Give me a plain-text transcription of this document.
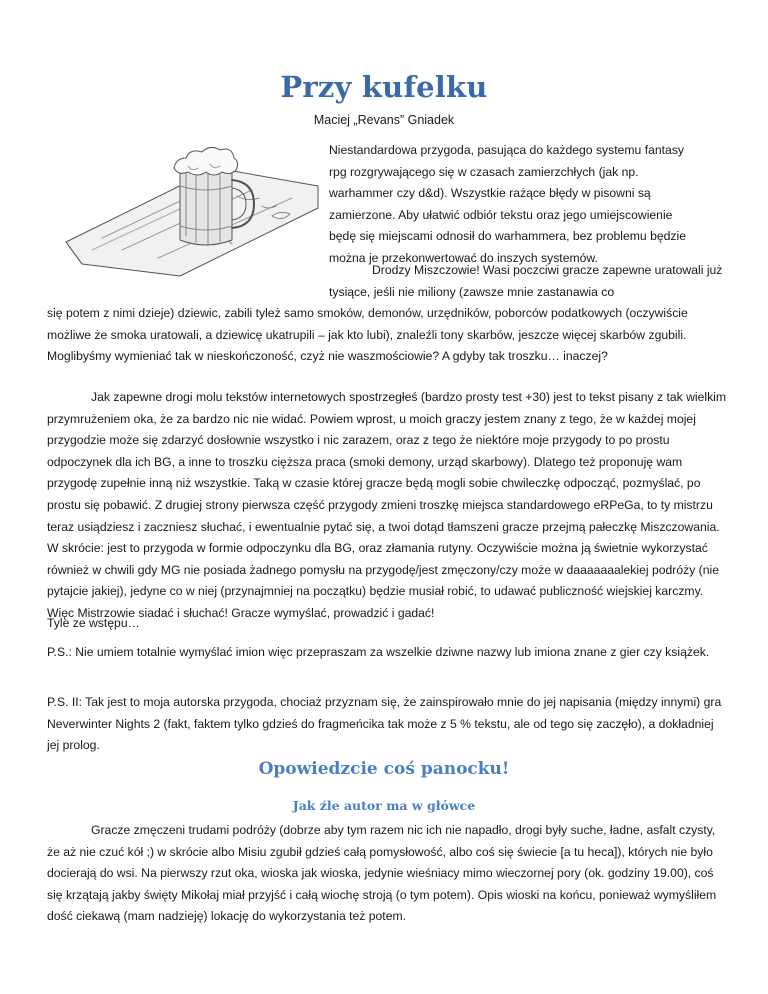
Przy kufelku
Maciej „Revans” Gniadek

Niestandardowa przygoda, pasująca do każdego systemu fantasy rpg rozgrywającego się w czasach zamierzchłych (jak np. warhammer czy d&d). Wszystkie rażące błędy w pisowni są zamierzone. Aby ułatwić odbiór tekstu oraz jego umiejscowienie będę się miejscami odnosił do warhammera, bez problemu będzie można je przekonwertować do inszych systemów.

Drodzy Miszczowie! Wasi poczciwi gracze zapewne uratowali już tysiące, jeśli nie miliony (zawsze mnie zastanawia co

się potem z nimi dzieje) dziewic, zabili tyleż samo smoków, demonów, urzędników, poborców podatkowych (oczywiście możliwe że smoka uratowali, a dziewicę ukatrupili – jak kto lubi), znaleźli tony skarbów, jeszcze więcej skarbów zgubili. Moglibyśmy wymieniać tak w nieskończoność, czyż nie waszmościowie? A gdyby tak troszku… inaczej?

Jak zapewne drogi molu tekstów internetowych spostrzegłeś (bardzo prosty test +30) jest to tekst pisany z tak wielkim przymrużeniem oka, że za bardzo nic nie widać. Powiem wprost, u moich graczy jestem znany z tego, że w każdej mojej przygodzie może się zdarzyć dosłownie wszystko i nic zarazem, oraz z tego że niektóre moje przygody to po prostu odpoczynek dla ich BG, a inne to troszku cięższa praca (smoki demony, urząd skarbowy). Dlatego też proponuję wam przygodę zupełnie inną niż wszystkie. Taką w czasie której gracze będą mogli sobie chwileczkę odpocząć, pozmyślać, po prostu się pobawić. Z drugiej strony pierwsza część przygody zmieni troszkę miejsca standardowego eRPeGa, to ty mistrzu teraz usiądziesz i zaczniesz słuchać, i ewentualnie pytać się, a twoi dotąd tłamszeni gracze przejmą pałeczkę Miszczowania. W skrócie: jest to przygoda w formie odpoczynku dla BG, oraz złamania rutyny. Oczywiście można ją świetnie wykorzystać również w chwili gdy MG nie posiada żadnego pomysłu na przygodę/jest zmęczony/czy może w daaaaaaalekiej podróży (nie pytajcie jakiej), jedyne co w niej (przynajmniej na początku) będzie musiał robić, to udawać publiczność wiejskiej karczmy. Więc Mistrzowie siadać i słuchać! Gracze wymyślać, prowadzić i gadać!

Tyle ze wstępu…

P.S.: Nie umiem totalnie wymyślać imion więc przepraszam za wszelkie dziwne nazwy lub imiona znane z gier czy książek.

P.S. II: Tak jest to moja autorska przygoda, chociaż przyznam się, że zainspirowało mnie do jej napisania (między innymi) gra Neverwinter Nights 2 (fakt, faktem tylko gdzieś do fragmeńcika tak może z 5 % tekstu, ale od tego się zaczęło), a dokładniej jej prolog.

Opowiedzcie coś panocku!
Jak źle autor ma w główce

Gracze zmęczeni trudami podróży (dobrze aby tym razem nic ich nie napadło, drogi były suche, ładne, asfalt czysty, że aż nie czuć kół ;) w skrócie albo Misiu zgubił gdzieś całą pomysłowość, albo coś się świecie [a tu heca]), których nie było docierają do wsi. Na pierwszy rzut oka, wioska jak wioska, jedynie wieśniacy mimo wieczornej pory (ok. godziny 19.00), coś się krzątają jakby święty Mikołaj miał przyjść i całą wiochę stroją (o tym potem). Opis wioski na końcu, ponieważ wymyśliłem dość ciekawą (mam nadzieję) lokację do wykorzystania też potem.
